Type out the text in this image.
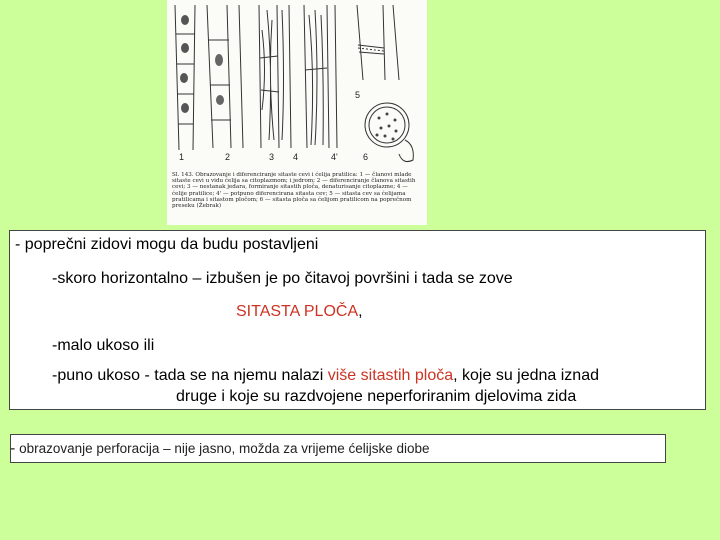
1	2	3 4	4'
5
6
Sl. 143. Obrazovanje i diferenciranje sitaste cevi i ćelija pratilica: 1 — članovi mlade sitaste cevi u vidu ćelija sa citoplazmom; i jedrom; 2 — diferenciranje članova sitastih cevi; 3 — nestanak jedara, formiranje sitastih ploča, denaturisanje citoplazme; 4 — ćelije pratilice; 4' — potpuno diferencirana sitasta cev; 5 — sitasta cev sa ćelijama pratilicama i sitastom pločom; 6 — sitasta ploča sa ćelijom pratilicom na poprečnom preseku (Žebrak)
- poprečni zidovi mogu da budu postavljeni
-skoro horizontalno – izbušen je po čitavoj površini i tada se zove
SITASTA PLOČA,
-malo ukoso ili
-puno ukoso - tada se na njemu nalazi više sitastih ploča, koje su jedna iznad
druge i koje su razdvojene neperforiranim djelovima zida
- obrazovanje perforacija – nije jasno, možda za vrijeme ćelijske diobe
